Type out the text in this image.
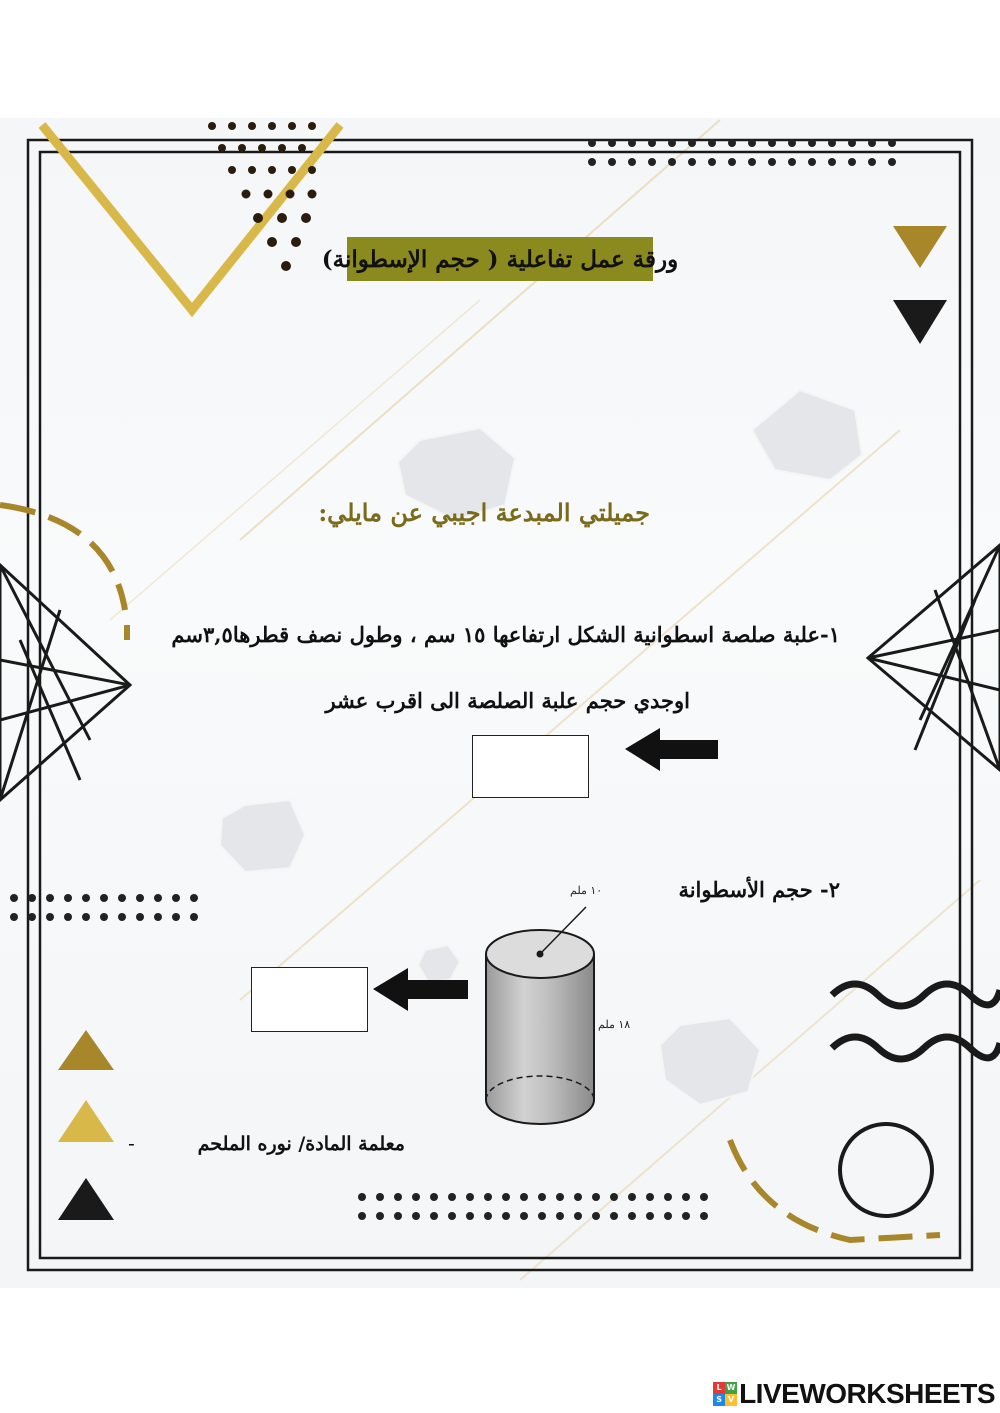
ورقة عمل تفاعلية ( حجم الإسطوانة)
جميلتي المبدعة اجيبي عن مايلي:
١-علبة صلصة اسطوانية الشكل ارتفاعها ١٥ سم ، وطول نصف قطرها٣,٥سم
اوجدي حجم علبة الصلصة الى اقرب عشر
٢- حجم الأسطوانة
١٠ ملم
١٨ ملم
معلمة المادة/ نوره الملحم
-
L W
S V LIVEWORKSHEETS
